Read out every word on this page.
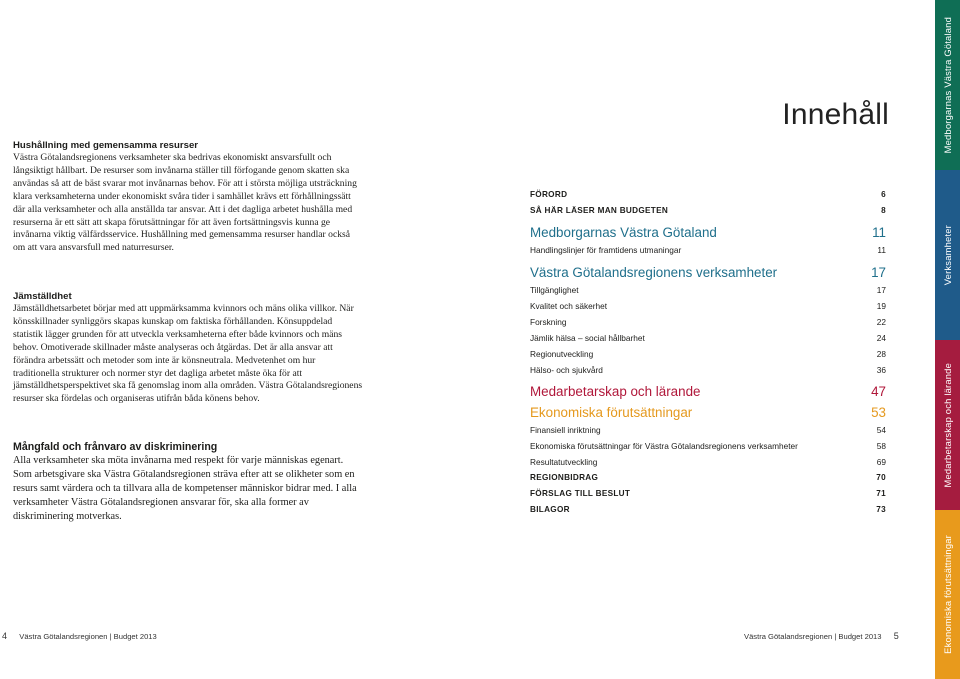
Hushållning med gemensamma resurser

Västra Götalandsregionens verksamheter ska bedrivas ekonomiskt ansvarsfullt och långsiktigt hållbart. De resurser som invånarna ställer till förfogande genom skatten ska användas så att de bäst svarar mot invånarnas behov. För att i största möjliga utsträckning klara verksamheterna under ekonomiskt svåra tider i samhället krävs ett förhållningssätt där alla verksamheter och alla anställda tar ansvar. Att i det dagliga arbetet hushålla med resurserna är ett sätt att skapa förutsättningar för att även fortsättningsvis kunna ge invånarna viktig välfärdsservice. Hushållning med gemensamma resurser handlar också om att vara ansvarsfull med naturresurser.

Jämställdhet

Jämställdhetsarbetet börjar med att uppmärksamma kvinnors och mäns olika villkor. När könsskillnader synliggörs skapas kunskap om faktiska förhållanden. Könsuppdelad statistik lägger grunden för att utveckla verksamheterna efter både kvinnors och mäns behov. Omotiverade skillnader måste analyseras och åtgärdas. Det är alla ansvar att förändra arbetssätt och metoder som inte är könsneutrala. Medvetenhet om hur traditionella strukturer och normer styr det dagliga arbetet måste öka för att jämställdhetsperspektivet ska få genomslag inom alla områden. Västra Götalandsregionens resurser ska fördelas och organiseras utifrån båda könens behov.

Mångfald och frånvaro av diskriminering

Alla verksamheter ska möta invånarna med respekt för varje människas egenart. Som arbetsgivare ska Västra Götalandsregionen sträva efter att se olikheter som en resurs samt värdera och ta tillvara alla de kompetenser människor bidrar med. I alla verksamheter Västra Götalandsregionen ansvarar för, ska alla former av diskriminering motverkas.

4 Västra Götalandsregionen | Budget 2013
Innehåll
FÖRORD	6
SÅ HÄR LÄSER MAN BUDGETEN	8
Medborgarnas Västra Götaland	11
Handlingslinjer för framtidens utmaningar	11
Västra Götalandsregionens verksamheter	17
Tillgänglighet	17
Kvalitet och säkerhet	19
Forskning	22
Jämlik hälsa – social hållbarhet	24
Regionutveckling	28
Hälso- och sjukvård	36
Medarbetarskap och lärande	47
Ekonomiska förutsättningar	53
Finansiell inriktning	54
Ekonomiska förutsättningar för Västra Götalandsregionens verksamheter	58
Resultatutveckling	69
REGIONBIDRAG	70
FÖRSLAG TILL BESLUT	71
BILAGOR	73
Västra Götalandsregionen | Budget 2013 5
Medborgarnas Västra Götaland
Verksamheter
Medarbetarskap och lärande
Ekonomiska förutsättningar
